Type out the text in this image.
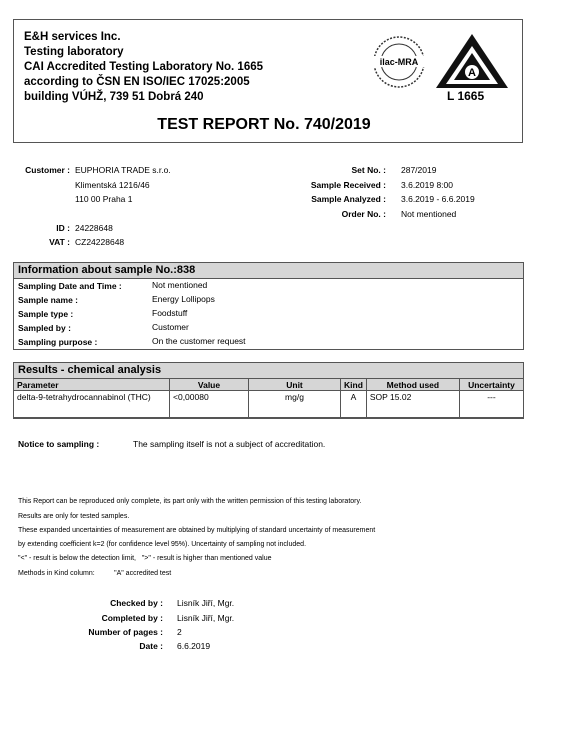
E&H services Inc.
Testing laboratory
CAI Accredited Testing Laboratory No. 1665
according to ČSN EN ISO/IEC 17025:2005
building VÚHŽ, 739 51 Dobrá 240
ilac-MRA
A
L 1665
TEST REPORT No. 740/2019
Customer : EUPHORIA TRADE s.r.o.
Klimentská 1216/46
110 00 Praha 1
ID : 24228648
VAT : CZ24228648
Set No. : 287/2019
Sample Received : 3.6.2019 8:00
Sample Analyzed : 3.6.2019 - 6.6.2019
Order No. : Not mentioned
Information about sample No.:838
Sampling Date and Time :	Not mentioned
Sample name :	Energy Lollipops
Sample type :	Foodstuff
Sampled by :	Customer
Sampling purpose :	On the customer request
Results - chemical analysis
Parameter	Value	Unit	Kind	Method used	Uncertainty
delta-9-tetrahydrocannabinol (THC)	<0,00080	mg/g	A	SOP 15.02	---
Notice to sampling :	The sampling itself is not a subject of accreditation.
This Report can be reproduced only complete, its part only with the written permission of this testing laboratory.
Results are only for tested samples.
These expanded uncertainties of measurement are obtained by multiplying of standard uncertainty of measurement
by extending coefficient k=2 (for confidence level 95%). Uncertainty of sampling not included.
"<" - result is below the detection limit,   ">" - result is higher than mentioned value
Methods in Kind column:          "A" accredited test
Checked by : Lisník Jiří, Mgr.
Completed by : Lisník Jiří, Mgr.
Number of pages : 2
Date : 6.6.2019
